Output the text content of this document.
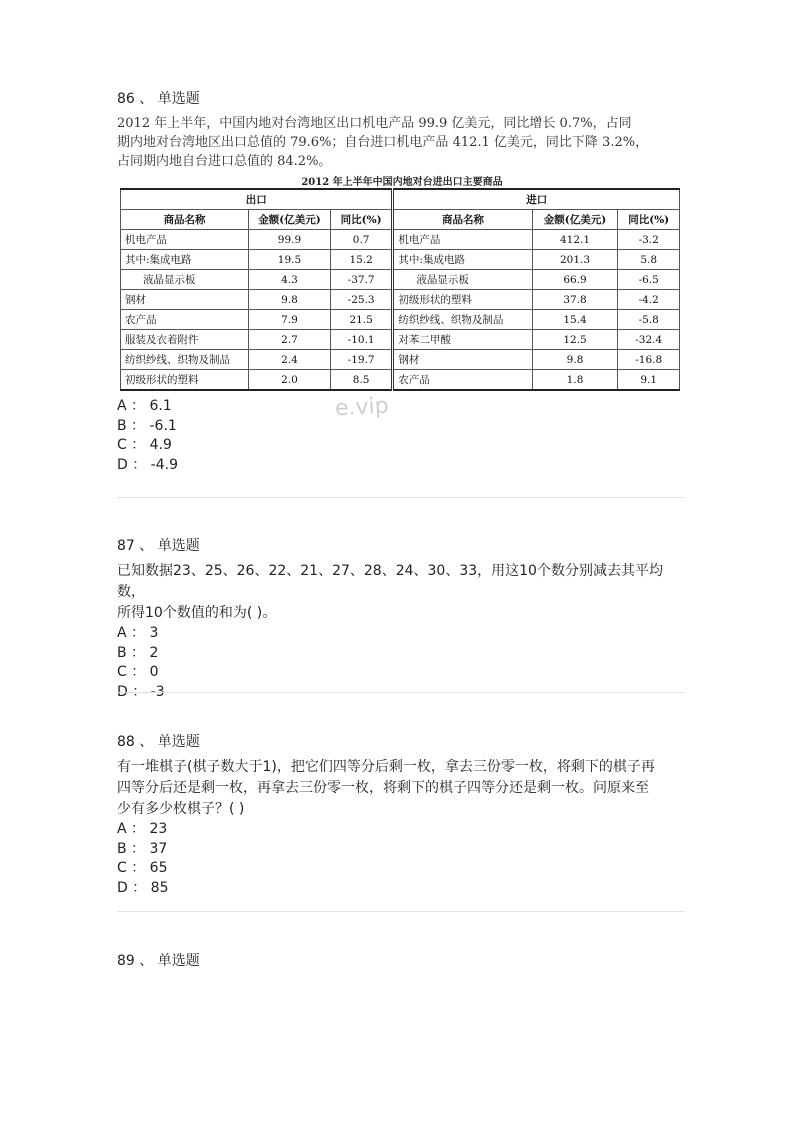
86 、 单选题
2012 年上半年，中国内地对台湾地区出口机电产品 99.9 亿美元，同比增长 0.7%，占同
期内地对台湾地区出口总值的 79.6%；自台进口机电产品 412.1 亿美元，同比下降 3.2%，
占同期内地自台进口总值的 84.2%。
2012 年上半年中国内地对台进出口主要商品
出口			进口		
商品名称	金额(亿美元)	同比(%)	商品名称	金额(亿美元)	同比(%)
机电产品	99.9	0.7	机电产品	412.1	-3.2
其中:集成电路	19.5	15.2	其中:集成电路	201.3	5.8
液晶显示板	4.3	-37.7	液晶显示板	66.9	-6.5
钢材	9.8	-25.3	初级形状的塑料	37.8	-4.2
农产品	7.9	21.5	纺织纱线、织物及制品	15.4	-5.8
服装及衣着附件	2.7	-10.1	对苯二甲酸	12.5	-32.4
纺织纱线、织物及制品	2.4	-19.7	钢材	9.8	-16.8
初级形状的塑料	2.0	8.5	农产品	1.8	9.1
A ： 6.1
B ： -6.1
C ： 4.9
D ： -4.9
e.vip
87 、 单选题
已知数据23、25、26、22、21、27、28、24、30、33，用这10个数分别减去其平均数，
所得10个数值的和为( )。
A ： 3
B ： 2
C ： 0
D ： -3
88 、 单选题
有一堆棋子(棋子数大于1)，把它们四等分后剩一枚，拿去三份零一枚，将剩下的棋子再
四等分后还是剩一枚，再拿去三份零一枚，将剩下的棋子四等分还是剩一枚。问原来至
少有多少枚棋子？( )
A ： 23
B ： 37
C ： 65
D ： 85
89 、 单选题
